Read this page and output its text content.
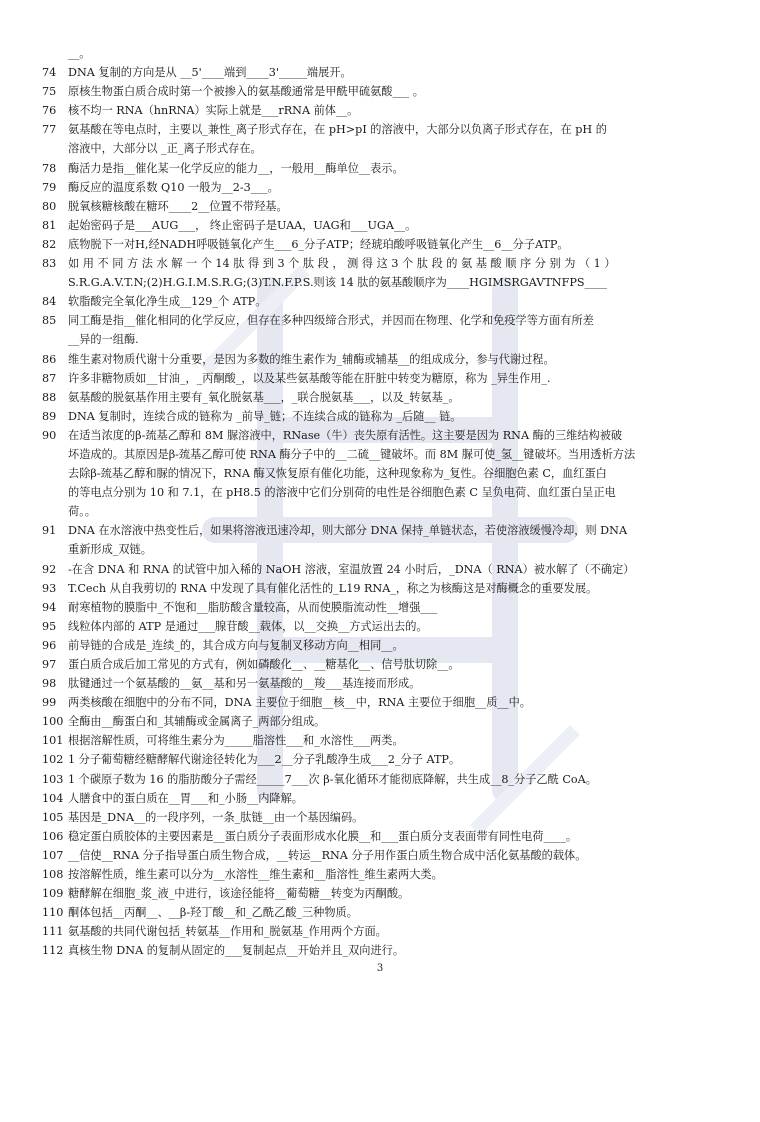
__。
74	DNA 复制的方向是从 __5'____端到____3'_____端展开。
75	原核生物蛋白质合成时第一个被掺入的氨基酸通常是甲酰甲硫氨酸___ 。
76	核不均一 RNA（hnRNA）实际上就是___rRNA 前体__。
77	氨基酸在等电点时，主要以_兼性_离子形式存在，在 pH>pI 的溶液中，大部分以负离子形式存在，在 pH 的
溶液中，大部分以 _正_离子形式存在。
78	酶活力是指__催化某一化学反应的能力__，一般用__酶单位__表示。
79	酶反应的温度系数 Q10 一般为__2-3___。
80	脱氧核糖核酸在糖环____2__位置不带羟基。
81	起始密码子是___AUG___， 终止密码子是UAA，UAG和___UGA__。
82	底物脱下一对H,经NADH呼吸链氧化产生___6_分子ATP；经琥珀酸呼吸链氧化产生__6__分子ATP。
83	如 用 不 同 方 法 水 解 一 个 14 肽 得 到 3 个 肽 段 ， 测 得 这 3 个 肽 段 的 氨 基 酸 顺 序 分 别 为 （ 1 ）
S.R.G.A.V.T.N;(2)H.G.I.M.S.R.G;(3)T.N.F.P.S.则该 14 肽的氨基酸顺序为____HGIMSRGAVTNFPS____
84	软脂酸完全氧化净生成__129_个 ATP。
85	同工酶是指__催化相同的化学反应，但存在多种四级缔合形式，并因而在物理、化学和免疫学等方面有所差
__异的一组酶.
86	维生素对物质代谢十分重要，是因为多数的维生素作为_辅酶或辅基__的组成成分，参与代谢过程。
87	许多非糖物质如__甘油_，_丙酮酸_，以及某些氨基酸等能在肝脏中转变为糖原，称为 _异生作用_.
88	氨基酸的脱氨基作用主要有_氧化脱氨基___，_联合脱氨基___，以及_转氨基_。
89	DNA 复制时，连续合成的链称为 _前导_链；不连续合成的链称为 _后随__ 链。
90	在适当浓度的β-巯基乙醇和 8M 脲溶液中，RNase（牛）丧失原有活性。这主要是因为 RNA 酶的三维结构被破
坏造成的。其原因是β-巯基乙醇可使 RNA 酶分子中的__二硫__键破坏。而 8M 脲可使_氢__键破坏。当用透析方法
去除β-巯基乙醇和脲的情况下，RNA 酶又恢复原有催化功能，这种现象称为_复性。谷细胞色素 C，血红蛋白
的等电点分别为 10 和 7.1，在 pH8.5 的溶液中它们分别荷的电性是谷细胞色素 C 呈负电荷、血红蛋白呈正电
荷。。
91	DNA 在水溶液中热变性后，如果将溶液迅速冷却，则大部分 DNA 保持_单链状态，若使溶液缓慢冷却，则 DNA
重新形成_双链。
92	-在含 DNA 和 RNA 的试管中加入稀的 NaOH 溶液，室温放置 24 小时后，_DNA（ RNA）被水解了（不确定）
93	T.Cech 从自我剪切的 RNA 中发现了具有催化活性的_L19 RNA_，称之为核酶这是对酶概念的重要发展。
94	耐寒植物的膜脂中_不饱和__脂肪酸含量较高，从而使膜脂流动性__增强___
95	线粒体内部的 ATP 是通过___腺苷酸__载体，以__交换__方式运出去的。
96	前导链的合成是_连续_的，其合成方向与复制叉移动方向__相同__。
97	蛋白质合成后加工常见的方式有，例如磷酸化__、__糖基化__、信号肽切除__。
98	肽键通过一个氨基酸的__氨__基和另一氨基酸的__羧___基连接而形成。
99	两类核酸在细胞中的分布不同，DNA 主要位于细胞__核__中，RNA 主要位于细胞__质__中。
100 全酶由__酶蛋白和_其辅酶或金属离子_两部分组成。
101 根据溶解性质，可将维生素分为_____脂溶性___和_水溶性___两类。
102 1 分子葡萄糖经糖酵解代谢途径转化为___2__分子乳酸净生成___2_分子 ATP。
103 1 个碳原子数为 16 的脂肪酸分子需经_____7___次 β-氧化循环才能彻底降解，共生成__8_分子乙酰 CoA。
104 人膳食中的蛋白质在__胃___和_小肠__内降解。
105 基因是_DNA__的一段序列，一条_肽链__由一个基因编码。
106 稳定蛋白质胶体的主要因素是__蛋白质分子表面形成水化膜__和___蛋白质分支表面带有同性电荷____。
107 __信使__RNA 分子指导蛋白质生物合成，__转运__RNA 分子用作蛋白质生物合成中活化氨基酸的载体。
108 按溶解性质，维生素可以分为__水溶性__维生素和__脂溶性_维生素两大类。
109 糖酵解在细胞_浆_液_中进行，该途径能将__葡萄糖__转变为丙酮酸。
110 酮体包括__丙酮__、__β-羟丁酸__和_乙酰乙酸_三种物质。
111 氨基酸的共同代谢包括_转氨基__作用和_脱氨基_作用两个方面。
112 真核生物 DNA 的复制从固定的___复制起点__开始并且_双向进行。
3
